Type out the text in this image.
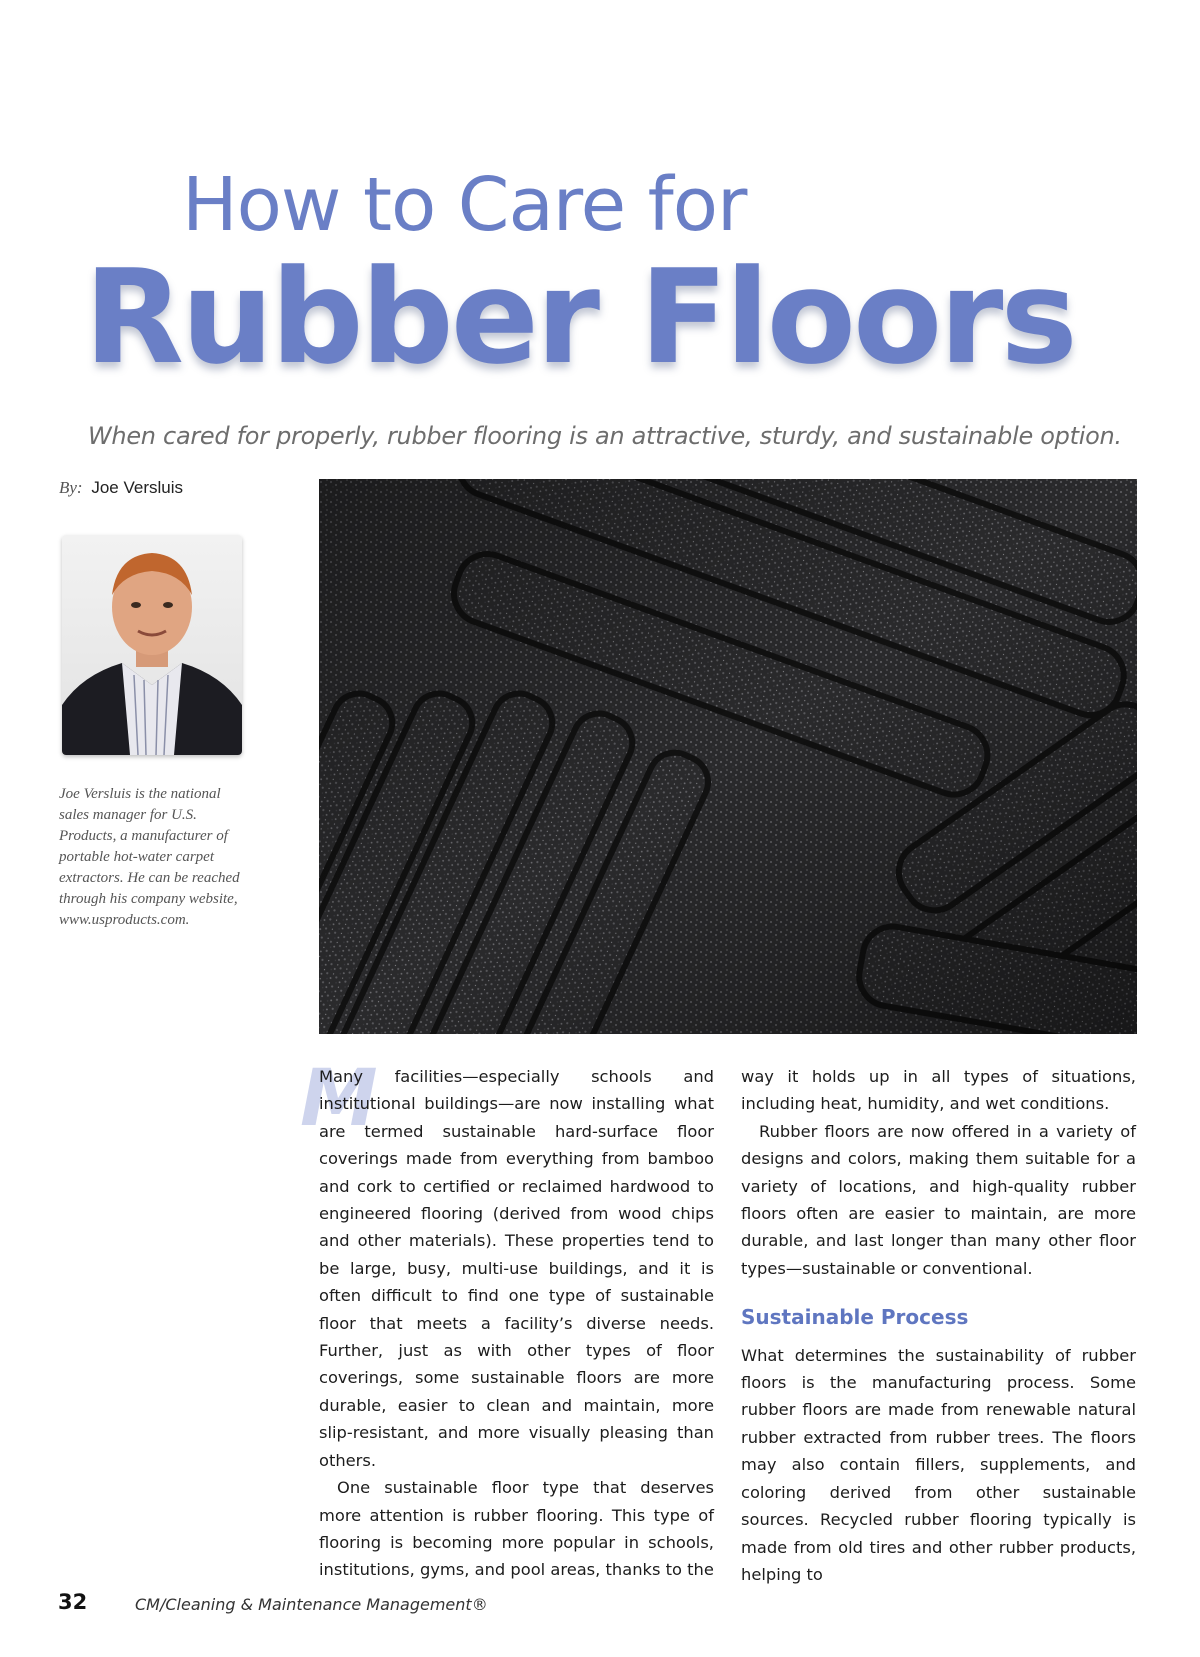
How to Care for
Rubber Floors
When cared for properly, rubber flooring is an attractive, sturdy, and sustainable option.
By: Joe Versluis
Joe Versluis is the national sales manager for U.S. Products, a manufacturer of portable hot-water carpet extractors. He can be reached through his company website, www.usproducts.com.
M

Many facilities—especially schools and institutional buildings—are now installing what are termed sustainable hard-surface floor coverings made from everything from bamboo and cork to certified or reclaimed hardwood to engineered flooring (derived from wood chips and other materials). These properties tend to be large, busy, multi-use buildings, and it is often difficult to find one type of sustainable floor that meets a facility’s diverse needs. Further, just as with other types of floor coverings, some sustainable floors are more durable, easier to clean and maintain, more slip-resistant, and more visually pleasing than others.

One sustainable floor type that deserves more attention is rubber flooring. This type of flooring is becoming more popular in schools, institutions, gyms, and pool areas, thanks to the

way it holds up in all types of situations, including heat, humidity, and wet conditions.

Rubber floors are now offered in a variety of designs and colors, making them suitable for a variety of locations, and high-quality rubber floors often are easier to maintain, are more durable, and last longer than many other floor types—sustainable or conventional.

Sustainable Process

What determines the sustainability of rubber floors is the manufacturing process. Some rubber floors are made from renewable natural rubber extracted from rubber trees. The floors may also contain fillers, supplements, and coloring derived from other sustainable sources. Recycled rubber flooring typically is made from old tires and other rubber products, helping to

32	CM/Cleaning & Maintenance Management®
